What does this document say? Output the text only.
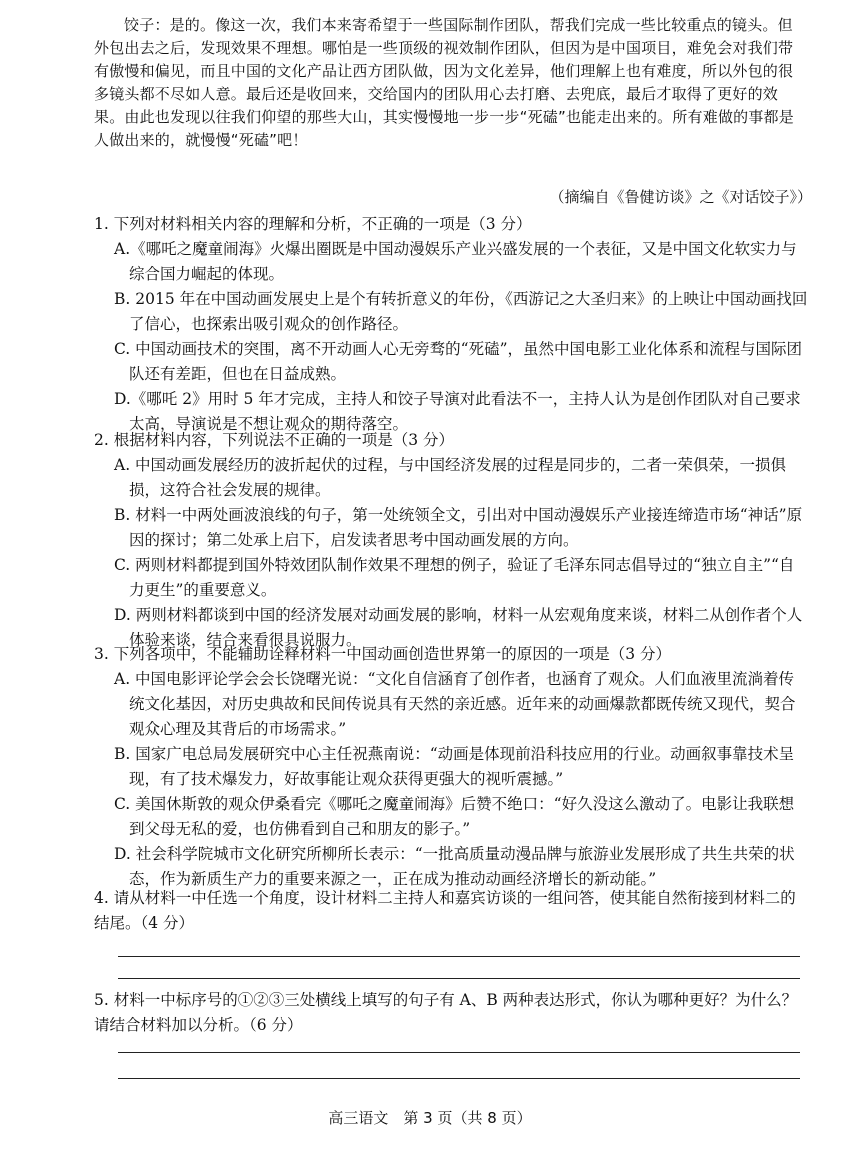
饺子：是的。像这一次，我们本来寄希望于一些国际制作团队，帮我们完成一些比较重点的镜头。但外包出去之后，发现效果不理想。哪怕是一些顶级的视效制作团队，但因为是中国项目，难免会对我们带有傲慢和偏见，而且中国的文化产品让西方团队做，因为文化差异，他们理解上也有难度，所以外包的很多镜头都不尽如人意。最后还是收回来，交给国内的团队用心去打磨、去兜底，最后才取得了更好的效果。由此也发现以往我们仰望的那些大山，其实慢慢地一步一步“死磕”也能走出来的。所有难做的事都是人做出来的，就慢慢“死磕”吧！

（摘编自《鲁健访谈》之《对话饺子》）
1. 下列对材料相关内容的理解和分析，不正确的一项是（3 分）
A.《哪吒之魔童闹海》火爆出圈既是中国动漫娱乐产业兴盛发展的一个表征，又是中国文化软实力与综合国力崛起的体现。
B. 2015 年在中国动画发展史上是个有转折意义的年份，《西游记之大圣归来》的上映让中国动画找回了信心，也探索出吸引观众的创作路径。
C. 中国动画技术的突围，离不开动画人心无旁骛的“死磕”，虽然中国电影工业化体系和流程与国际团队还有差距，但也在日益成熟。
D.《哪吒 2》用时 5 年才完成，主持人和饺子导演对此看法不一，主持人认为是创作团队对自己要求太高，导演说是不想让观众的期待落空。
2. 根据材料内容，下列说法不正确的一项是（3 分）
A. 中国动画发展经历的波折起伏的过程，与中国经济发展的过程是同步的，二者一荣俱荣，一损俱损，这符合社会发展的规律。
B. 材料一中两处画波浪线的句子，第一处统领全文，引出对中国动漫娱乐产业接连缔造市场“神话”原因的探讨；第二处承上启下，启发读者思考中国动画发展的方向。
C. 两则材料都提到国外特效团队制作效果不理想的例子，验证了毛泽东同志倡导过的“独立自主”“自力更生”的重要意义。
D. 两则材料都谈到中国的经济发展对动画发展的影响，材料一从宏观角度来谈，材料二从创作者个人体验来谈，结合来看很具说服力。
3. 下列各项中，不能辅助诠释材料一中国动画创造世界第一的原因的一项是（3 分）
A. 中国电影评论学会会长饶曙光说：“文化自信涵育了创作者，也涵育了观众。人们血液里流淌着传统文化基因，对历史典故和民间传说具有天然的亲近感。近年来的动画爆款都既传统又现代，契合观众心理及其背后的市场需求。”
B. 国家广电总局发展研究中心主任祝燕南说：“动画是体现前沿科技应用的行业。动画叙事靠技术呈现，有了技术爆发力，好故事能让观众获得更强大的视听震撼。”
C. 美国休斯敦的观众伊桑看完《哪吒之魔童闹海》后赞不绝口：“好久没这么激动了。电影让我联想到父母无私的爱，也仿佛看到自己和朋友的影子。”
D. 社会科学院城市文化研究所柳所长表示：“一批高质量动漫品牌与旅游业发展形成了共生共荣的状态，作为新质生产力的重要来源之一，正在成为推动动画经济增长的新动能。”
4. 请从材料一中任选一个角度，设计材料二主持人和嘉宾访谈的一组问答，使其能自然衔接到材料二的结尾。（4 分）
5. 材料一中标序号的①②③三处横线上填写的句子有 A、B 两种表达形式，你认为哪种更好？为什么？请结合材料加以分析。（6 分）
高三语文　第 3 页（共 8 页）
